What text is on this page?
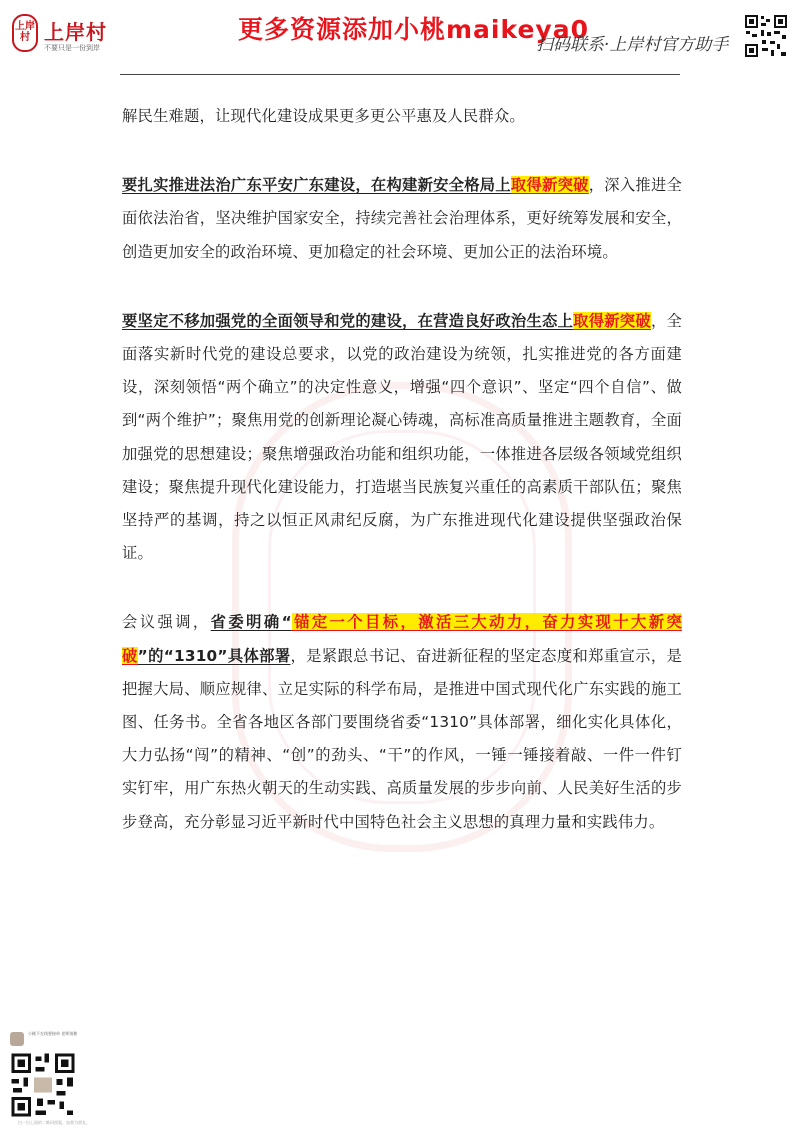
上岸村 上岸村
不要只是一份到岸
更多资源添加小桃maikeya0
扫码联系·上岸村官方助手

解民生难题，让现代化建设成果更多更公平惠及人民群众。

要扎实推进法治广东平安广东建设，在构建新安全格局上取得新突破，深入推进全面依法治省，坚决维护国家安全，持续完善社会治理体系，更好统筹发展和安全，创造更加安全的政治环境、更加稳定的社会环境、更加公正的法治环境。

要坚定不移加强党的全面领导和党的建设，在营造良好政治生态上取得新突破，全面落实新时代党的建设总要求，以党的政治建设为统领，扎实推进党的各方面建设，深刻领悟“两个确立”的决定性意义，增强“四个意识”、坚定“四个自信”、做到“两个维护”；聚焦用党的创新理论凝心铸魂，高标准高质量推进主题教育，全面加强党的思想建设；聚焦增强政治功能和组织功能，一体推进各层级各领域党组织建设；聚焦提升现代化建设能力，打造堪当民族复兴重任的高素质干部队伍；聚焦坚持严的基调，持之以恒正风肃纪反腐，为广东推进现代化建设提供坚强政治保证。

会议强调，省委明确“锚定一个目标，激活三大动力，奋力实现十大新突破”的“1310”具体部署，是紧跟总书记、奋进新征程的坚定态度和郑重宣示，是把握大局、顺应规律、立足实际的科学布局，是推进中国式现代化广东实践的施工图、任务书。全省各地区各部门要围绕省委“1310”具体部署，细化实化具体化，大力弘扬“闯”的精神、“创”的劲头、“干”的作风，一锤一锤接着敲、一件一件钉实钉牢，用广东热火朝天的生动实践、高质量发展的步步向前、人民美好生活的步步登高，充分彰显习近平新时代中国特色社会主义思想的真理力量和实践伟力。

小桃不在线要接单 老师别催
扫一扫上面的二维码图案，加我为朋友。
